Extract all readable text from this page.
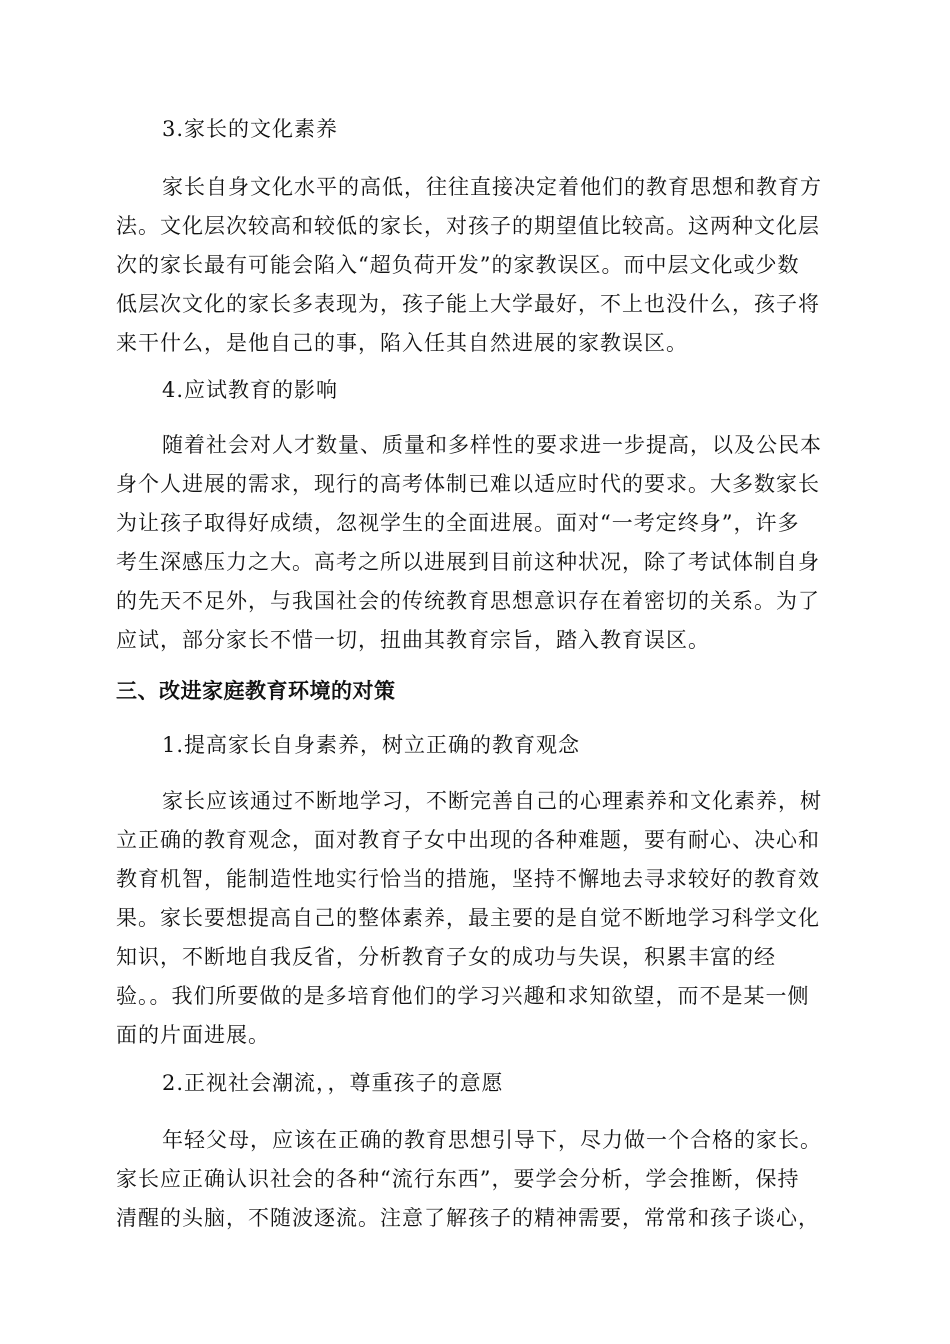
3.家长的文化素养
家长自身文化水平的高低，往往直接决定着他们的教育思想和教育方
法。文化层次较高和较低的家长，对孩子的期望值比较高。这两种文化层
次的家长最有可能会陷入“超负荷开发”的家教误区。而中层文化或少数
低层次文化的家长多表现为，孩子能上大学最好，不上也没什么，孩子将
来干什么，是他自己的事，陷入任其自然进展的家教误区。
4.应试教育的影响
随着社会对人才数量、质量和多样性的要求进一步提高，以及公民本
身个人进展的需求，现行的高考体制已难以适应时代的要求。大多数家长
为让孩子取得好成绩，忽视学生的全面进展。面对“一考定终身”，许多
考生深感压力之大。高考之所以进展到目前这种状况，除了考试体制自身
的先天不足外，与我国社会的传统教育思想意识存在着密切的关系。为了
应试，部分家长不惜一切，扭曲其教育宗旨，踏入教育误区。
三、改进家庭教育环境的对策
1.提高家长自身素养，树立正确的教育观念
家长应该通过不断地学习，不断完善自己的心理素养和文化素养，树
立正确的教育观念，面对教育子女中出现的各种难题，要有耐心、决心和
教育机智，能制造性地实行恰当的措施，坚持不懈地去寻求较好的教育效
果。家长要想提高自己的整体素养，最主要的是自觉不断地学习科学文化
知识，不断地自我反省，分析教育子女的成功与失误，积累丰富的经
验。。我们所要做的是多培育他们的学习兴趣和求知欲望，而不是某一侧
面的片面进展。
2.正视社会潮流，，尊重孩子的意愿
年轻父母，应该在正确的教育思想引导下，尽力做一个合格的家长。
家长应正确认识社会的各种“流行东西”，要学会分析，学会推断，保持
清醒的头脑，不随波逐流。注意了解孩子的精神需要，常常和孩子谈心，
